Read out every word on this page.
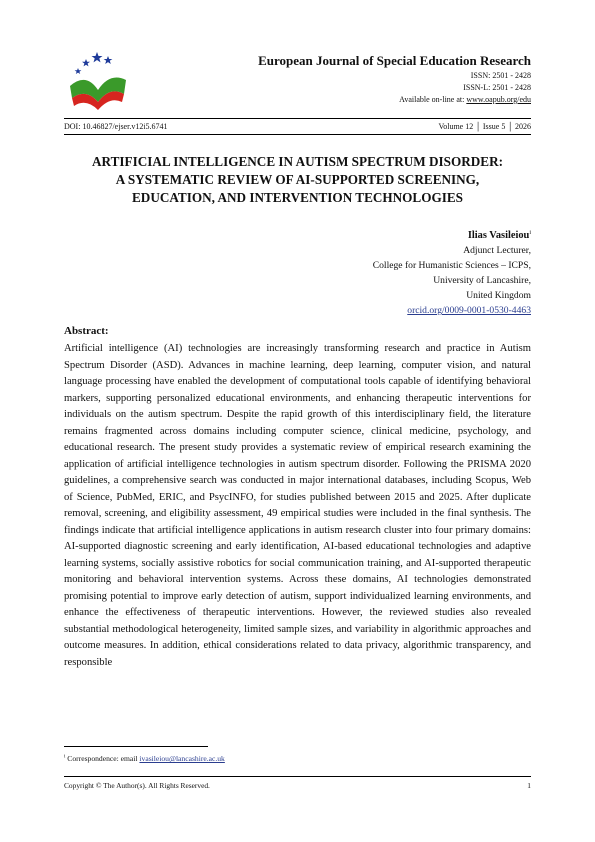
European Journal of Special Education Research
ISSN: 2501 - 2428
ISSN-L: 2501 - 2428
Available on-line at: www.oapub.org/edu
DOI: 10.46827/ejser.v12i5.6741	Volume 12 │ Issue 5 │ 2026
ARTIFICIAL INTELLIGENCE IN AUTISM SPECTRUM DISORDER:
A SYSTEMATIC REVIEW OF AI-SUPPORTED SCREENING,
EDUCATION, AND INTERVENTION TECHNOLOGIES
Ilias Vasileiou$^i$
Adjunct Lecturer,
College for Humanistic Sciences – ICPS,
University of Lancashire,
United Kingdom
orcid.org/0009-0001-0530-4463
Abstract:
Artificial intelligence (AI) technologies are increasingly transforming research and practice in Autism Spectrum Disorder (ASD). Advances in machine learning, deep learning, computer vision, and natural language processing have enabled the development of computational tools capable of identifying behavioral markers, supporting personalized educational environments, and enhancing therapeutic interventions for individuals on the autism spectrum. Despite the rapid growth of this interdisciplinary field, the literature remains fragmented across domains including computer science, clinical medicine, psychology, and educational research. The present study provides a systematic review of empirical research examining the application of artificial intelligence technologies in autism spectrum disorder. Following the PRISMA 2020 guidelines, a comprehensive search was conducted in major international databases, including Scopus, Web of Science, PubMed, ERIC, and PsycINFO, for studies published between 2015 and 2025. After duplicate removal, screening, and eligibility assessment, 49 empirical studies were included in the final synthesis. The findings indicate that artificial intelligence applications in autism research cluster into four primary domains: AI-supported diagnostic screening and early identification, AI-based educational technologies and adaptive learning systems, socially assistive robotics for social communication training, and AI-supported therapeutic monitoring and behavioral intervention systems. Across these domains, AI technologies demonstrated promising potential to improve early detection of autism, support individualized learning environments, and enhance the effectiveness of therapeutic interventions. However, the reviewed studies also revealed substantial methodological heterogeneity, limited sample sizes, and variability in algorithmic approaches and outcome measures. In addition, ethical considerations related to data privacy, algorithmic transparency, and responsible
$^i$ Correspondence: email ivasileiou@lancashire.ac.uk
Copyright © The Author(s). All Rights Reserved.	1
